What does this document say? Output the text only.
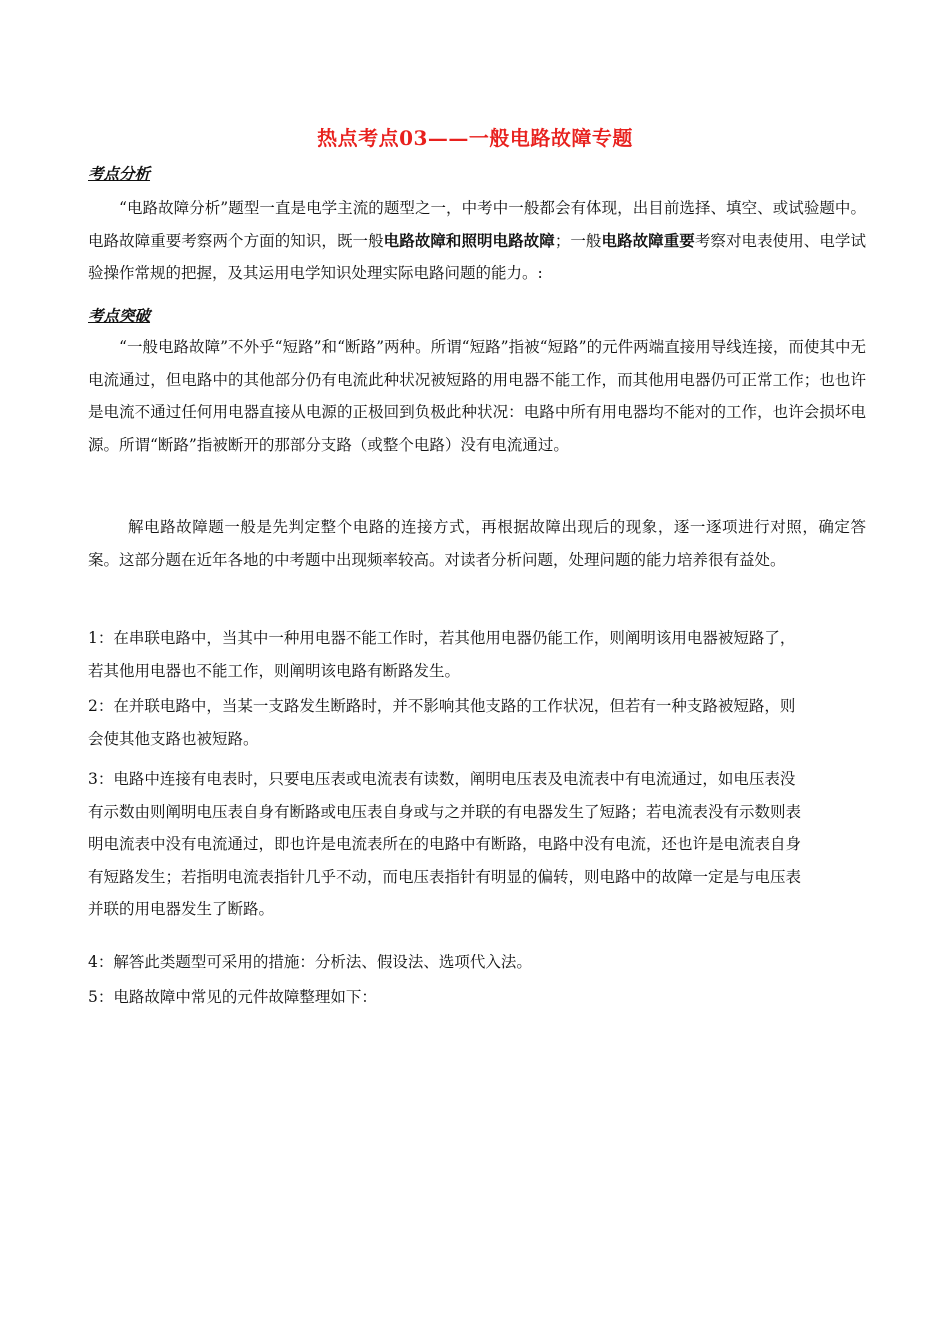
热点考点03——一般电路故障专题
考点分析

“电路故障分析”题型一直是电学主流的题型之一，中考中一般都会有体现，出目前选择、填空、或试验题中。电路故障重要考察两个方面的知识，既一般电路故障和照明电路故障；一般电路故障重要考察对电表使用、电学试验操作常规的把握，及其运用电学知识处理实际电路问题的能力。:

考点突破

“一般电路故障”不外乎“短路”和“断路”两种。所谓“短路”指被“短路”的元件两端直接用导线连接，而使其中无电流通过，但电路中的其他部分仍有电流此种状况被短路的用电器不能工作，而其他用电器仍可正常工作；也也许是电流不通过任何用电器直接从电源的正极回到负极此种状况：电路中所有用电器均不能对的工作，也许会损坏电源。所谓“断路”指被断开的那部分支路（或整个电路）没有电流通过。

解电路故障题一般是先判定整个电路的连接方式，再根据故障出现后的现象，逐一逐项进行对照，确定答案。这部分题在近年各地的中考题中出现频率较高。对读者分析问题，处理问题的能力培养很有益处。

1：在串联电路中，当其中一种用电器不能工作时，若其他用电器仍能工作，则阐明该用电器被短路了，
若其他用电器也不能工作，则阐明该电路有断路发生。
2：在并联电路中，当某一支路发生断路时，并不影响其他支路的工作状况，但若有一种支路被短路，则
会使其他支路也被短路。
3：电路中连接有电表时，只要电压表或电流表有读数，阐明电压表及电流表中有电流通过，如电压表没
有示数由则阐明电压表自身有断路或电压表自身或与之并联的有电器发生了短路；若电流表没有示数则表
明电流表中没有电流通过，即也许是电流表所在的电路中有断路，电路中没有电流，还也许是电流表自身
有短路发生；若指明电流表指针几乎不动，而电压表指针有明显的偏转，则电路中的故障一定是与电压表
并联的用电器发生了断路。
4：解答此类题型可采用的措施：分析法、假设法、选项代入法。
5：电路故障中常见的元件故障整理如下：
